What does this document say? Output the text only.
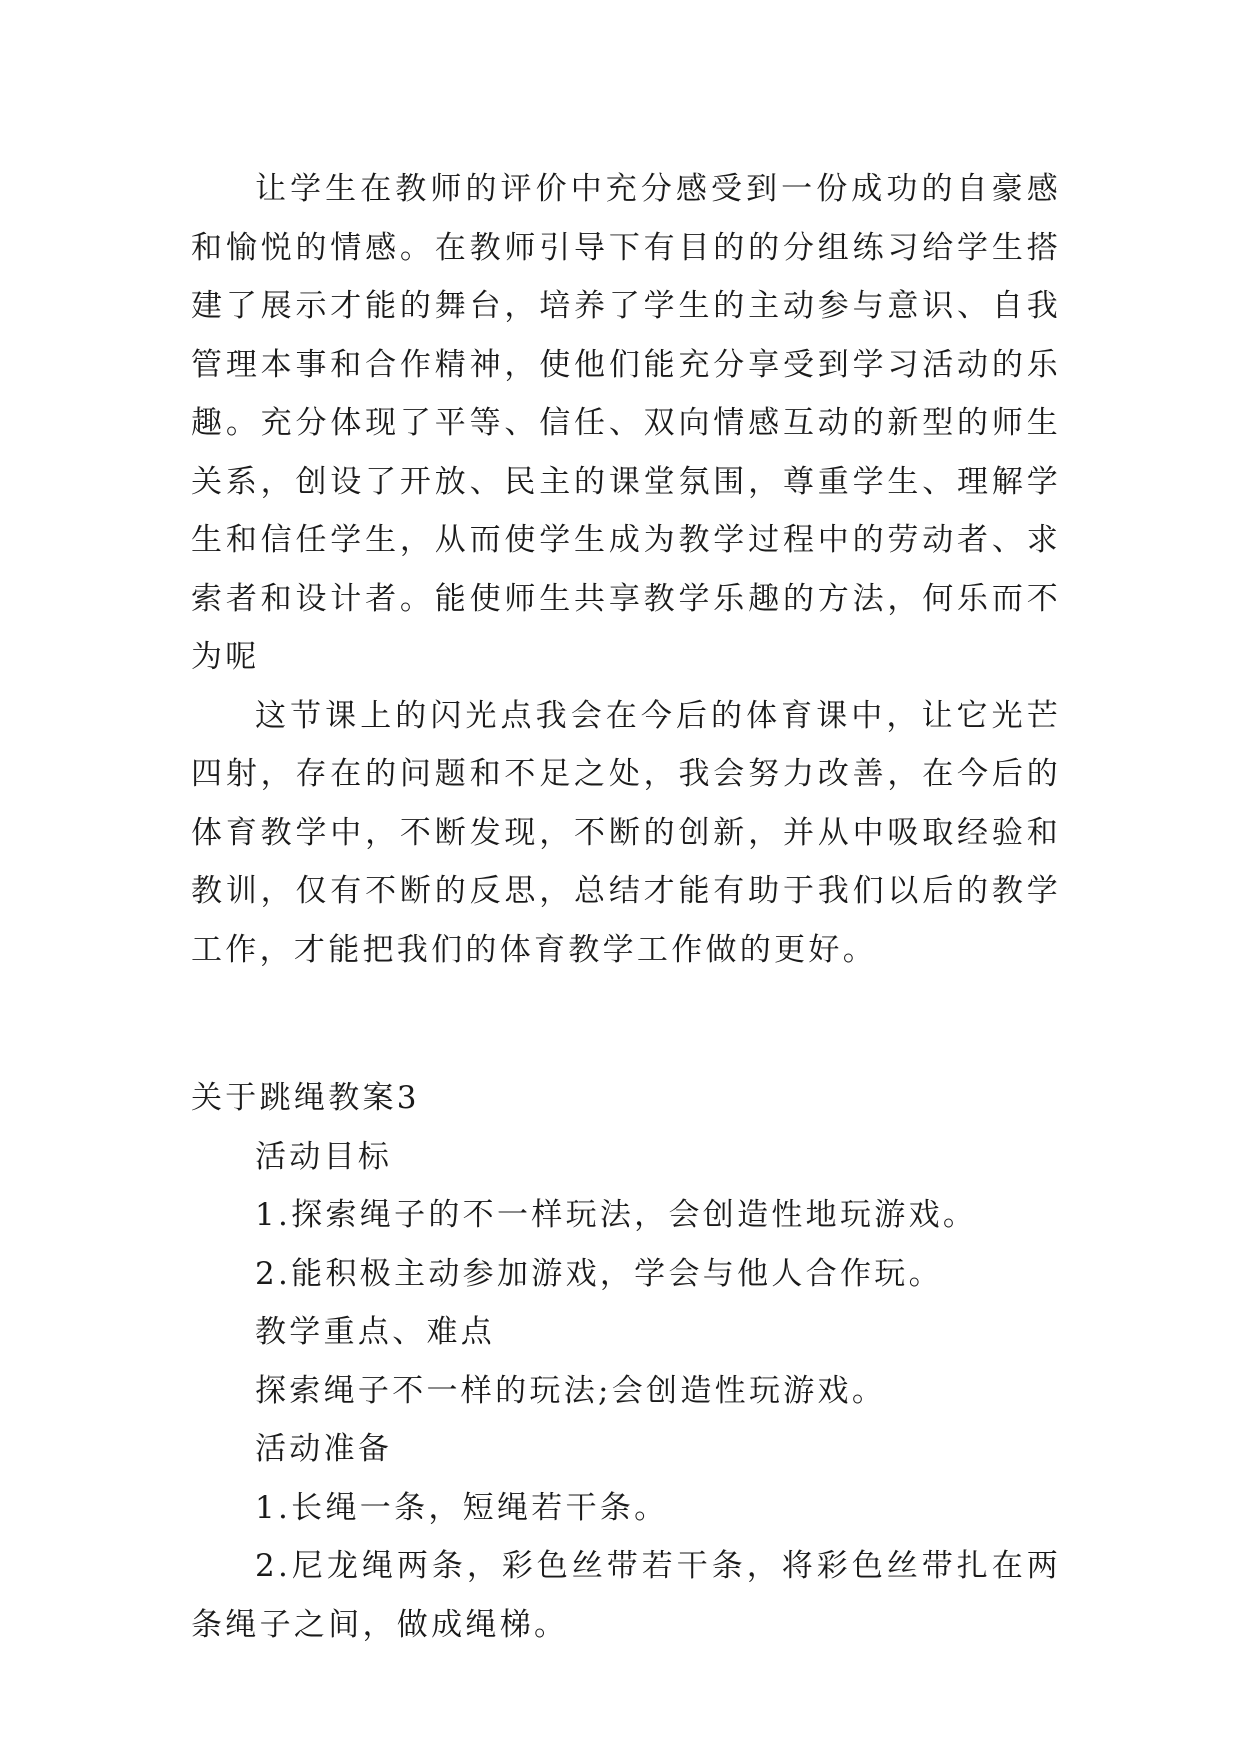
让学生在教师的评价中充分感受到一份成功的自豪感和愉悦的情感。在教师引导下有目的的分组练习给学生搭建了展示才能的舞台，培养了学生的主动参与意识、自我管理本事和合作精神，使他们能充分享受到学习活动的乐趣。充分体现了平等、信任、双向情感互动的新型的师生关系，创设了开放、民主的课堂氛围，尊重学生、理解学生和信任学生，从而使学生成为教学过程中的劳动者、求索者和设计者。能使师生共享教学乐趣的方法，何乐而不为呢

这节课上的闪光点我会在今后的体育课中，让它光芒四射，存在的问题和不足之处，我会努力改善，在今后的体育教学中，不断发现，不断的创新，并从中吸取经验和教训，仅有不断的反思，总结才能有助于我们以后的教学工作，才能把我们的体育教学工作做的更好。

关于跳绳教案3

活动目标

1.探索绳子的不一样玩法，会创造性地玩游戏。

2.能积极主动参加游戏，学会与他人合作玩。

教学重点、难点

探索绳子不一样的玩法;会创造性玩游戏。

活动准备

1.长绳一条，短绳若干条。

2.尼龙绳两条，彩色丝带若干条，将彩色丝带扎在两条绳子之间，做成绳梯。
